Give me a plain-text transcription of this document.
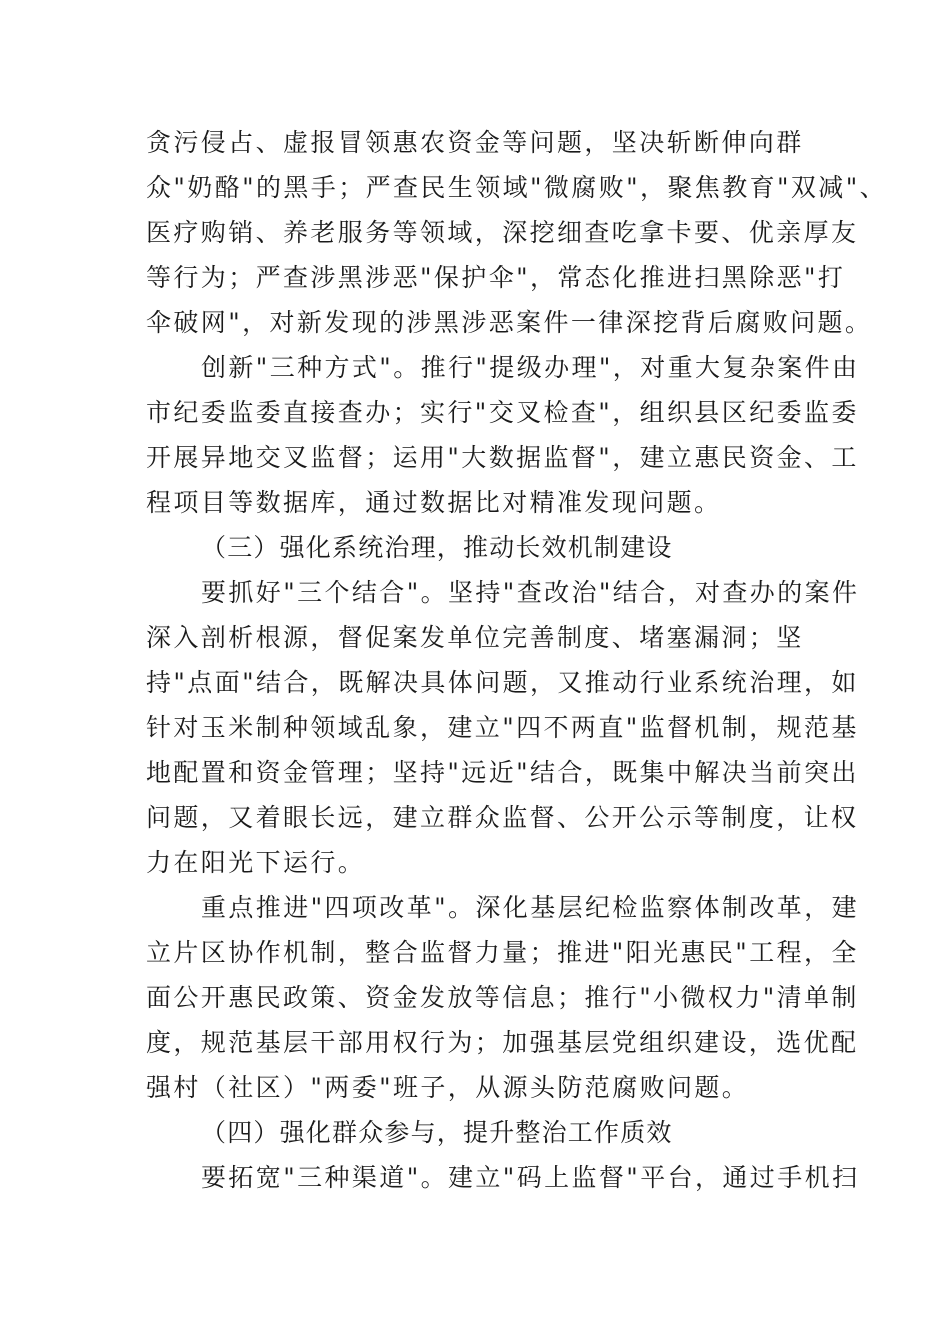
贪污侵占、虚报冒领惠农资金等问题，坚决斩断伸向群
众"奶酪"的黑手；严查民生领域"微腐败"，聚焦教育"双减"、
医疗购销、养老服务等领域，深挖细查吃拿卡要、优亲厚友
等行为；严查涉黑涉恶"保护伞"，常态化推进扫黑除恶"打
伞破网"，对新发现的涉黑涉恶案件一律深挖背后腐败问题。
创新"三种方式"。推行"提级办理"，对重大复杂案件由
市纪委监委直接查办；实行"交叉检查"，组织县区纪委监委
开展异地交叉监督；运用"大数据监督"，建立惠民资金、工
程项目等数据库，通过数据比对精准发现问题。
（三）强化系统治理，推动长效机制建设
要抓好"三个结合"。坚持"查改治"结合，对查办的案件
深入剖析根源，督促案发单位完善制度、堵塞漏洞；坚
持"点面"结合，既解决具体问题，又推动行业系统治理，如
针对玉米制种领域乱象，建立"四不两直"监督机制，规范基
地配置和资金管理；坚持"远近"结合，既集中解决当前突出
问题，又着眼长远，建立群众监督、公开公示等制度，让权
力在阳光下运行。
重点推进"四项改革"。深化基层纪检监察体制改革，建
立片区协作机制，整合监督力量；推进"阳光惠民"工程，全
面公开惠民政策、资金发放等信息；推行"小微权力"清单制
度，规范基层干部用权行为；加强基层党组织建设，选优配
强村（社区）"两委"班子，从源头防范腐败问题。
（四）强化群众参与，提升整治工作质效
要拓宽"三种渠道"。建立"码上监督"平台，通过手机扫
